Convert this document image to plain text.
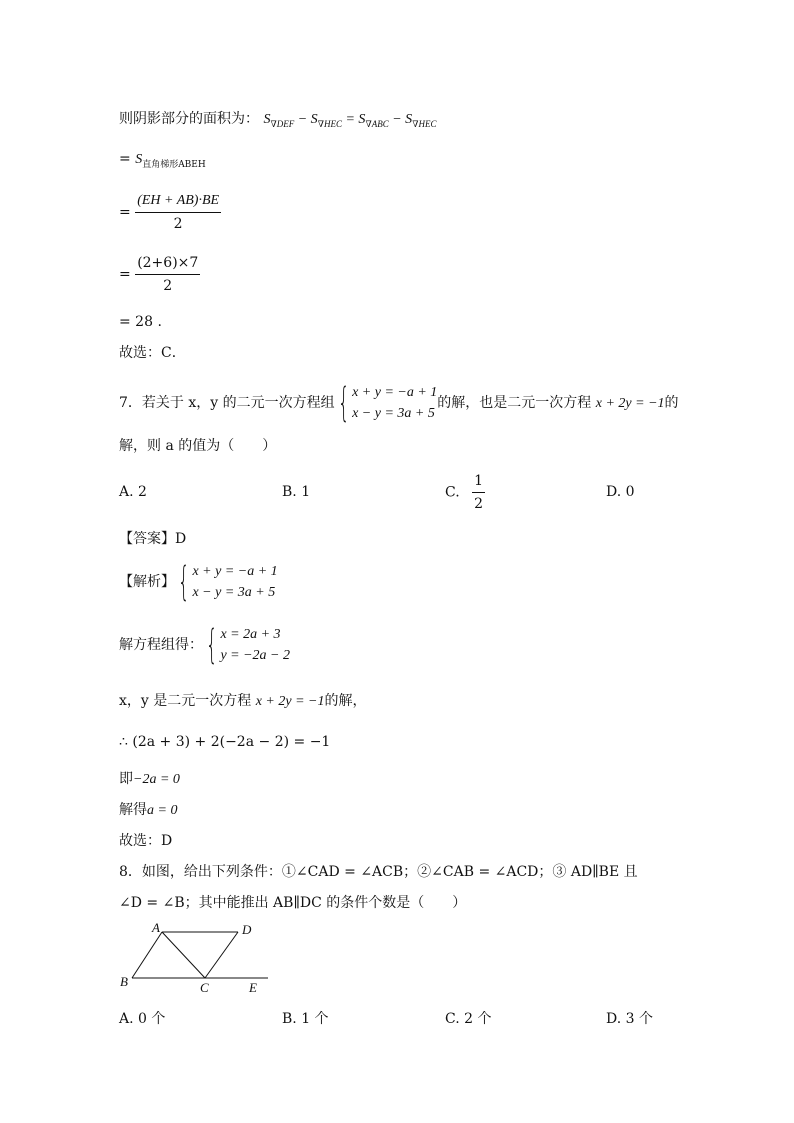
则阴影部分的面积为： $S_{\nabla DEF} - S_{\nabla HEC} = S_{\nabla ABC} - S_{\nabla HEC}$
= $S_{直角梯形ABEH}$
= $\frac{(EH + AB)\cdot BE}{2}$
= $\frac{(2+6)\times 7}{2}$
= 28 .
故选：C．
7．若关于 x，y 的二元一次方程组{ x + y = −a + 1
x − y = 3a + 5
的解，也是二元一次方程 x + 2y = −1的
解，则 a 的值为（　　）
A. 2	B. 1	C. $\frac{1}{2}$	D. 0
【答案】D
【解析】{ x + y = −a + 1
x − y = 3a + 5
解方程组得：{ x = 2a + 3
y = −2a − 2
x，y 是二元一次方程 x + 2y = −1的解，
∴ (2a + 3) + 2(−2a − 2) = −1
即−2a = 0
解得a = 0
故选：D
8．如图，给出下列条件：①∠CAD = ∠ACB；②∠CAB = ∠ACD；③ AD∥BE 且
∠D = ∠B；其中能推出 AB∥DC 的条件个数是（　　）
A	D
B	C	E
A. 0 个	B. 1 个	C. 2 个	D. 3 个
